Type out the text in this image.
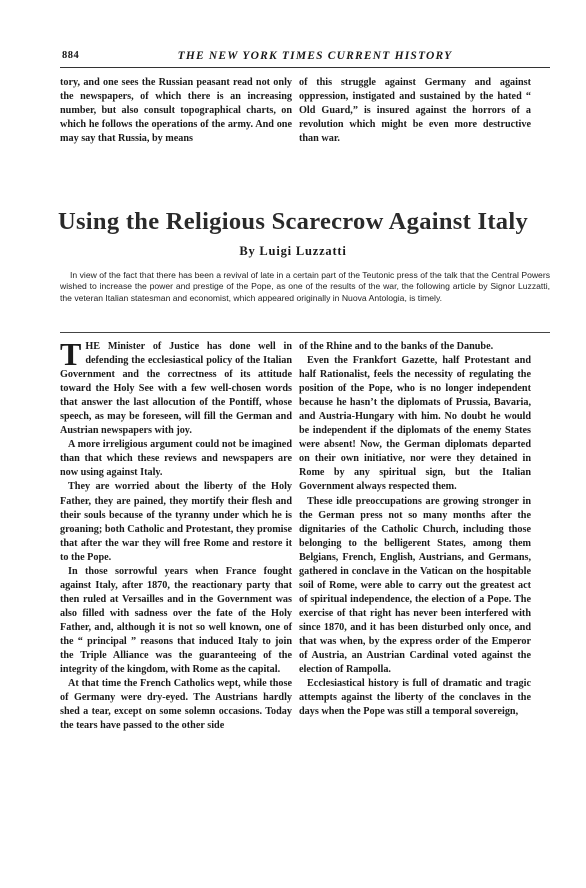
884	THE NEW YORK TIMES CURRENT HISTORY

tory, and one sees the Russian peasant read not only the newspapers, of which there is an increasing number, but also consult topographical charts, on which he follows the operations of the army. And one may say that Russia, by means

of this struggle against Germany and against oppression, instigated and sustained by the hated “ Old Guard,” is insured against the horrors of a revolution which might be even more destructive than war.

Using the Religious Scarecrow Against Italy
By Luigi Luzzatti
In view of the fact that there has been a revival of late in a certain part of the Teutonic press of the talk that the Central Powers wished to increase the power and prestige of the Pope, as one of the results of the war, the following article by Signor Luzzatti, the veteran Italian statesman and economist, which appeared originally in Nuova Antologia, is timely.

THE Minister of Justice has done well in defending the ecclesiastical policy of the Italian Government and the correctness of its attitude toward the Holy See with a few well-chosen words that answer the last allocution of the Pontiff, whose speech, as may be foreseen, will fill the German and Austrian newspapers with joy.

A more irreligious argument could not be imagined than that which these reviews and newspapers are now using against Italy.

They are worried about the liberty of the Holy Father, they are pained, they mortify their flesh and their souls because of the tyranny under which he is groaning; both Catholic and Protestant, they promise that after the war they will free Rome and restore it to the Pope.

In those sorrowful years when France fought against Italy, after 1870, the reactionary party that then ruled at Versailles and in the Government was also filled with sadness over the fate of the Holy Father, and, although it is not so well known, one of the “ principal ” reasons that induced Italy to join the Triple Alliance was the guaranteeing of the integrity of the kingdom, with Rome as the capital.

At that time the French Catholics wept, while those of Germany were dry-eyed. The Austrians hardly shed a tear, except on some solemn occasions. Today the tears have passed to the other side

of the Rhine and to the banks of the Danube.

Even the Frankfort Gazette, half Protestant and half Rationalist, feels the necessity of regulating the position of the Pope, who is no longer independent because he hasn’t the diplomats of Prussia, Bavaria, and Austria-Hungary with him. No doubt he would be independent if the diplomats of the enemy States were absent! Now, the German diplomats departed on their own initiative, nor were they detained in Rome by any spiritual sign, but the Italian Government always respected them.

These idle preoccupations are growing stronger in the German press not so many months after the dignitaries of the Catholic Church, including those belonging to the belligerent States, among them Belgians, French, English, Austrians, and Germans, gathered in conclave in the Vatican on the hospitable soil of Rome, were able to carry out the greatest act of spiritual independence, the election of a Pope. The exercise of that right has never been interfered with since 1870, and it has been disturbed only once, and that was when, by the express order of the Emperor of Austria, an Austrian Cardinal voted against the election of Rampolla.

Ecclesiastical history is full of dramatic and tragic attempts against the liberty of the conclaves in the days when the Pope was still a temporal sovereign,
